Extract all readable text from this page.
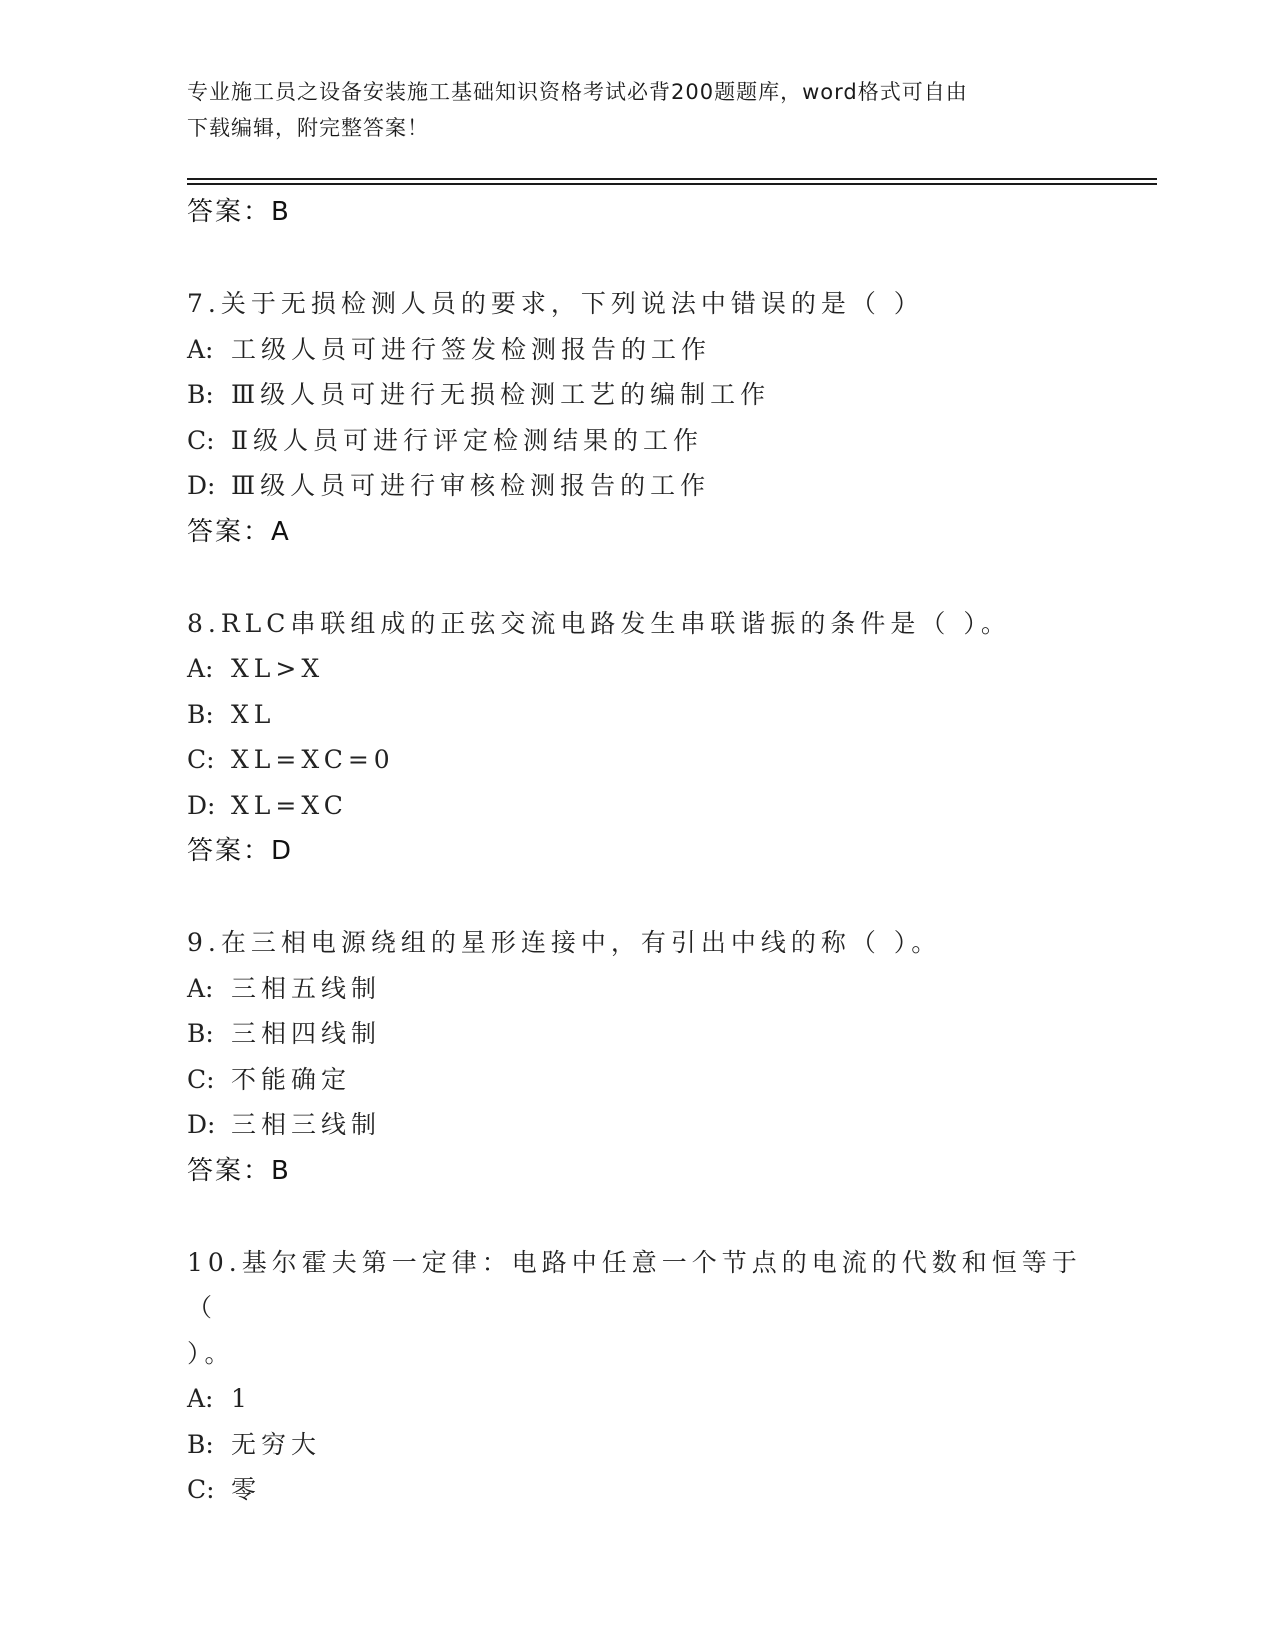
专业施工员之设备安装施工基础知识资格考试必背200题题库，word格式可自由
下载编辑，附完整答案！
答案：B
7.关于无损检测人员的要求，下列说法中错误的是（ ）
A: 工级人员可进行签发检测报告的工作
B: Ⅲ级人员可进行无损检测工艺的编制工作
C: Ⅱ级人员可进行评定检测结果的工作
D: Ⅲ级人员可进行审核检测报告的工作
答案：A
8.RLC串联组成的正弦交流电路发生串联谐振的条件是（ ）。
A: XL>X
B: XL
C: XL=XC=0
D: XL=XC
答案：D
9.在三相电源绕组的星形连接中，有引出中线的称（ ）。
A: 三相五线制
B: 三相四线制
C: 不能确定
D: 三相三线制
答案：B
10.基尔霍夫第一定律：电路中任意一个节点的电流的代数和恒等于（
）。
A: 1
B: 无穷大
C: 零
